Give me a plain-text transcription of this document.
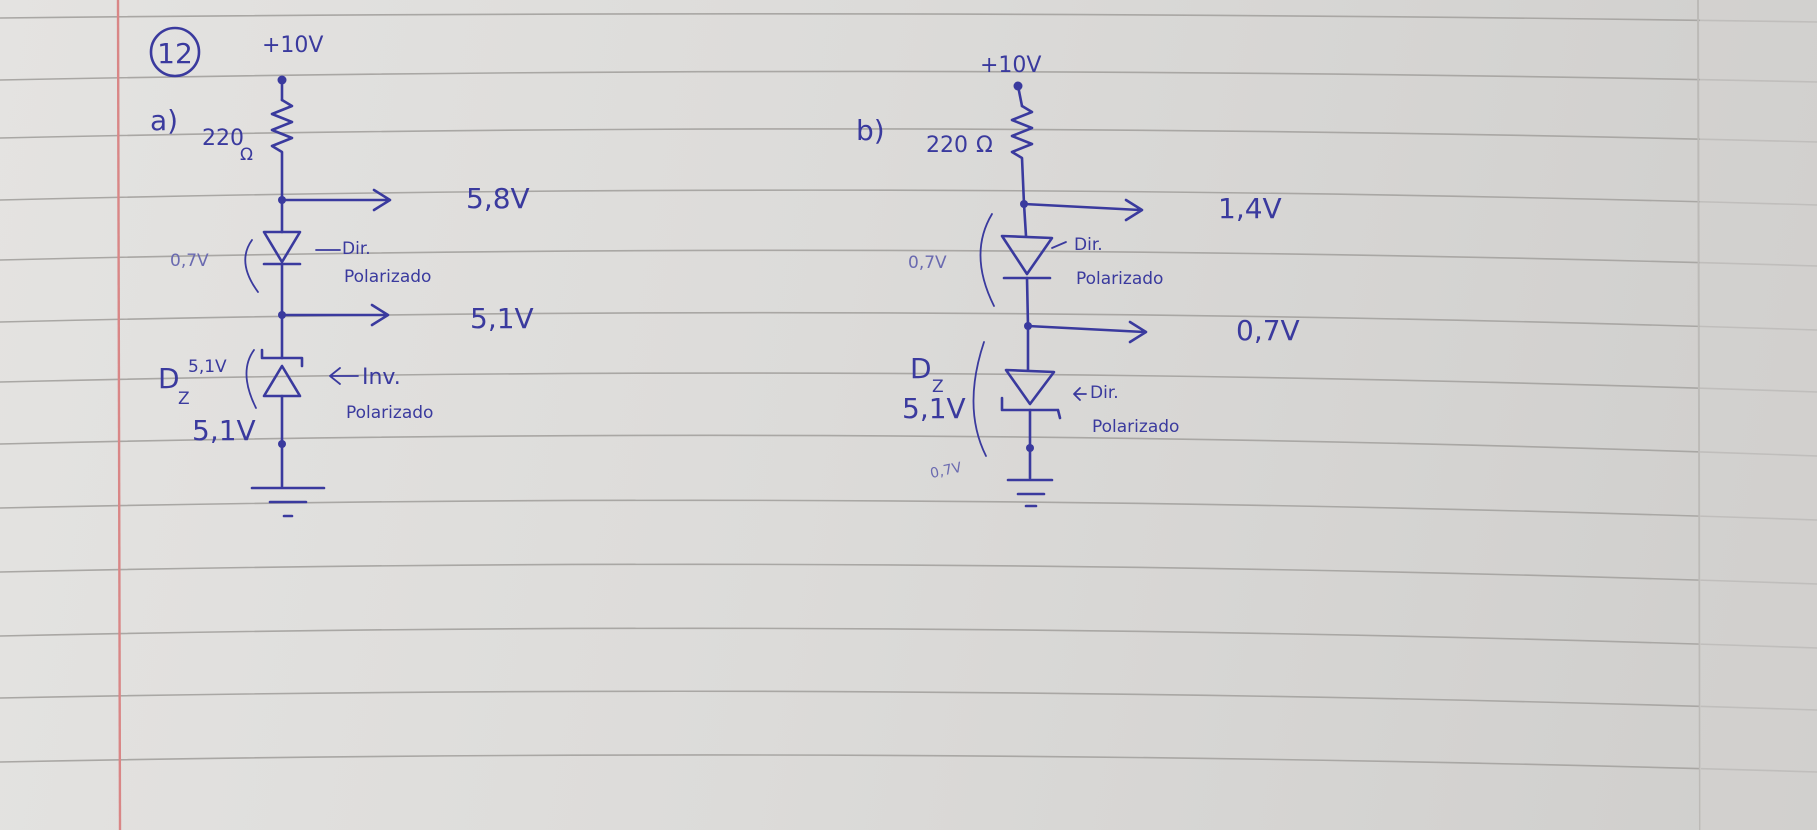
12
a)
+10V
220
Ω
5,8V
0,7V
Dir.
Polarizado
5,1V
D
Z
5,1V
5,1V
Inv.
Polarizado
b)
+10V
220 Ω
1,4V
0,7V
Dir.
Polarizado
0,7V
D
Z
5,1V
0,7V
Dir.
Polarizado
